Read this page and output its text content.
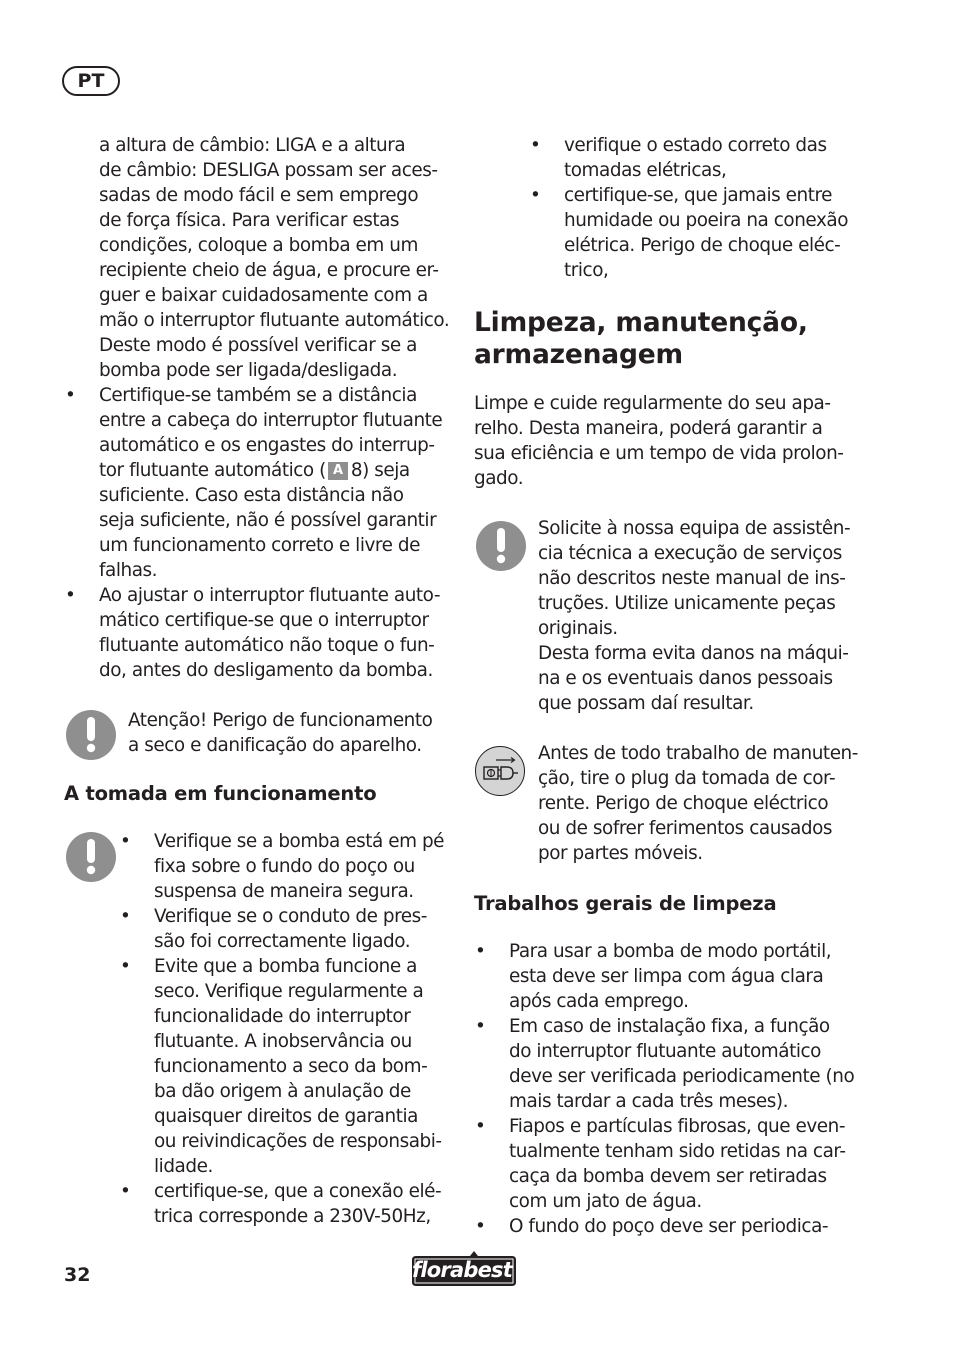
PT

a altura de câmbio: LIGA e a altura

de câmbio: DESLIGA possam ser aces-

sadas de modo fácil e sem emprego

de força física. Para verificar estas

condições, coloque a bomba em um

recipiente cheio de água, e procure er-

guer e baixar cuidadosamente com a

mão o interruptor flutuante automático.

Deste modo é possível verificar se a

bomba pode ser ligada/desligada.

• Certifique-se também se a distância
entre a cabeça do interruptor flutuante
automático e os engastes do interrup-
tor flutuante automático ( A 8) seja
suficiente. Caso esta distância não
seja suficiente, não é possível garantir
um funcionamento correto e livre de
falhas.
• Ao ajustar o interruptor flutuante auto-
mático certifique-se que o interruptor
flutuante automático não toque o fun-
do, antes do desligamento da bomba.

Atenção! Perigo de funcionamento

a seco e danificação do aparelho.

A tomada em funcionamento
• Verifique se a bomba está em pé
fixa sobre o fundo do poço ou
suspensa de maneira segura.
• Verifique se o conduto de pres-
são foi correctamente ligado.
• Evite que a bomba funcione a
seco. Verifique regularmente a
funcionalidade do interruptor
flutuante. A inobservância ou
funcionamento a seco da bom-
ba dão origem à anulação de
quaisquer direitos de garantia
ou reivindicações de responsabi-
lidade.
• certifique-se, que a conexão elé-
trica corresponde a 230V-50Hz,
• verifique o estado correto das
tomadas elétricas,
• certifique-se, que jamais entre
humidade ou poeira na conexão
elétrica. Perigo de choque eléc-
trico,
Limpeza, manutenção,
armazenagem

Limpe e cuide regularmente do seu apa-

relho. Desta maneira, poderá garantir a

sua eficiência e um tempo de vida prolon-

gado.

Solicite à nossa equipa de assistên-

cia técnica a execução de serviços

não descritos neste manual de ins-

truções. Utilize unicamente peças

originais.

Desta forma evita danos na máqui-

na e os eventuais danos pessoais

que possam daí resultar.

Antes de todo trabalho de manuten-

ção, tire o plug da tomada de cor-

rente. Perigo de choque eléctrico

ou de sofrer ferimentos causados

por partes móveis.

Trabalhos gerais de limpeza
• Para usar a bomba de modo portátil,
esta deve ser limpa com água clara
após cada emprego.
• Em caso de instalação fixa, a função
do interruptor flutuante automático
deve ser verificada periodicamente (no
mais tardar a cada três meses).
• Fiapos e partículas fibrosas, que even-
tualmente tenham sido retidas na car-
caça da bomba devem ser retiradas
com um jato de água.
• O fundo do poço deve ser periodica-
32	florabest
